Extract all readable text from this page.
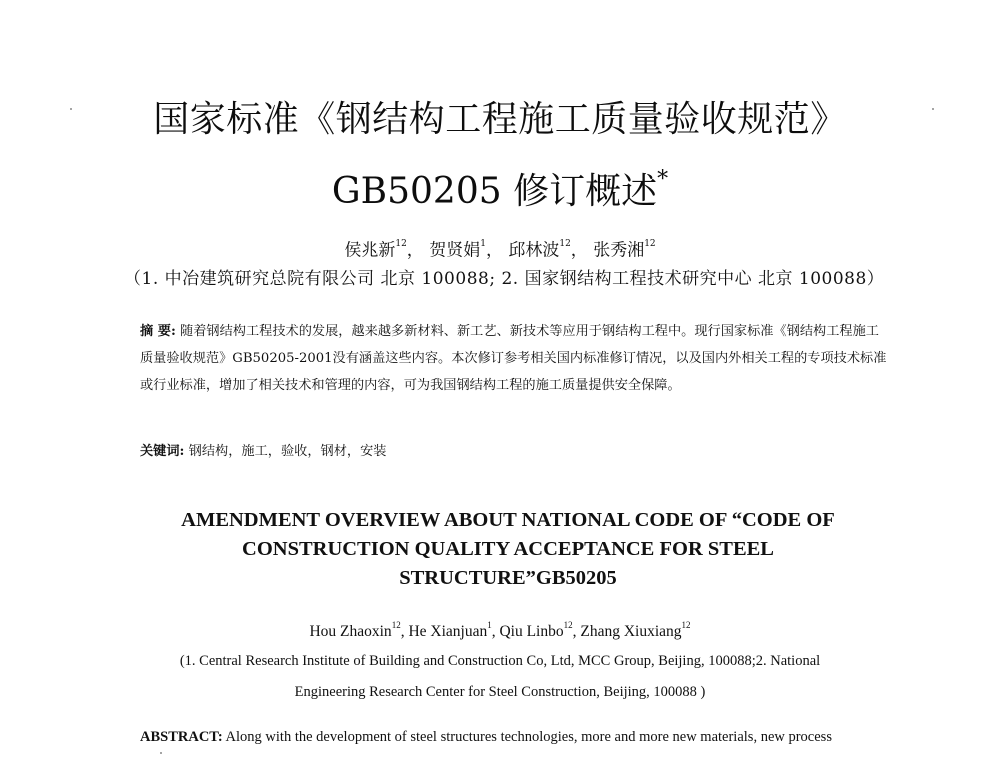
国家标准《钢结构工程施工质量验收规范》
GB50205 修订概述*
侯兆新$^{12}$， 贺贤娟$^1$， 邱林波$^{12}$， 张秀湘$^{12}$
（1. 中冶建筑研究总院有限公司 北京 100088; 2. 国家钢结构工程技术研究中心 北京 100088）
摘 要: 随着钢结构工程技术的发展，越来越多新材料、新工艺、新技术等应用于钢结构工程中。现行国家标准《钢结构工程施工质量验收规范》GB50205-2001没有涵盖这些内容。本次修订参考相关国内标准修订情况，以及国内外相关工程的专项技术标准或行业标准，增加了相关技术和管理的内容，可为我国钢结构工程的施工质量提供安全保障。
关键词: 钢结构，施工，验收，钢材，安装
AMENDMENT OVERVIEW ABOUT NATIONAL CODE OF “CODE OF CONSTRUCTION QUALITY ACCEPTANCE FOR STEEL STRUCTURE”GB50205
Hou Zhaoxin$^{12}$, He Xianjuan$^1$, Qiu Linbo$^{12}$, Zhang Xiuxiang$^{12}$
(1. Central Research Institute of Building and Construction Co, Ltd, MCC Group, Beijing, 100088;2. National
Engineering Research Center for Steel Construction, Beijing, 100088 )
ABSTRACT: Along with the development of steel structures technologies, more and more new materials, new process
